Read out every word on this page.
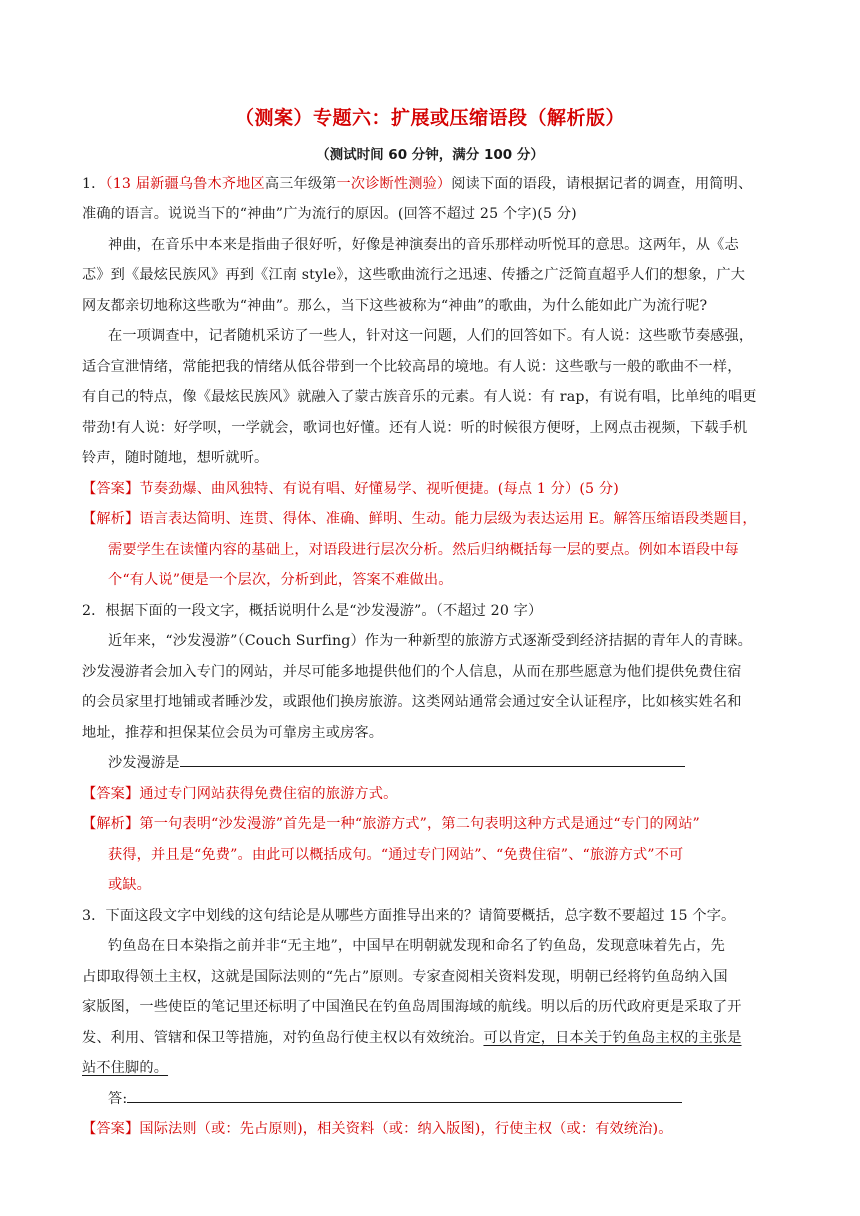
（测案）专题六：扩展或压缩语段（解析版）
（测试时间 60 分钟，满分 100 分）
1．（13 届新疆乌鲁木齐地区高三年级第一次诊断性测验）阅读下面的语段，请根据记者的调查，用简明、
准确的语言。说说当下的“神曲”广为流行的原因。(回答不超过 25 个字)(5 分)
神曲，在音乐中本来是指曲子很好听，好像是神演奏出的音乐那样动听悦耳的意思。这两年，从《忐
忑》到《最炫民族风》再到《江南 style》，这些歌曲流行之迅速、传播之广泛简直超乎人们的想象，广大
网友都亲切地称这些歌为“神曲”。那么，当下这些被称为“神曲”的歌曲，为什么能如此广为流行呢?
在一项调查中，记者随机采访了一些人，针对这一问题，人们的回答如下。有人说：这些歌节奏感强，
适合宣泄情绪，常能把我的情绪从低谷带到一个比较高昂的境地。有人说：这些歌与一般的歌曲不一样，
有自己的特点，像《最炫民族风》就融入了蒙古族音乐的元素。有人说：有 rap，有说有唱，比单纯的唱更
带劲!有人说：好学呗，一学就会，歌词也好懂。还有人说：听的时候很方便呀，上网点击视频，下载手机
铃声，随时随地，想听就听。
【答案】节奏劲爆、曲风独特、有说有唱、好懂易学、视听便捷。(每点 1 分）(5 分)
【解析】语言表达简明、连贯、得体、准确、鲜明、生动。能力层级为表达运用 E。解答压缩语段类题目，
需要学生在读懂内容的基础上，对语段进行层次分析。然后归纳概括每一层的要点。例如本语段中每
个“有人说”便是一个层次，分析到此，答案不难做出。
2．根据下面的一段文字，概括说明什么是“沙发漫游”。（不超过 20 字）
近年来，“沙发漫游”（Couch Surfing）作为一种新型的旅游方式逐渐受到经济拮据的青年人的青睐。
沙发漫游者会加入专门的网站，并尽可能多地提供他们的个人信息，从而在那些愿意为他们提供免费住宿
的会员家里打地铺或者睡沙发，或跟他们换房旅游。这类网站通常会通过安全认证程序，比如核实姓名和
地址，推荐和担保某位会员为可靠房主或房客。
沙发漫游是
【答案】通过专门网站获得免费住宿的旅游方式。
【解析】第一句表明“沙发漫游”首先是一种“旅游方式”，第二句表明这种方式是通过“专门的网站”
获得，并且是“免费”。由此可以概括成句。“通过专门网站”、“免费住宿”、“旅游方式”不可
或缺。
3．下面这段文字中划线的这句结论是从哪些方面推导出来的？请简要概括，总字数不要超过 15 个字。
钓鱼岛在日本染指之前并非“无主地”，中国早在明朝就发现和命名了钓鱼岛，发现意味着先占，先
占即取得领土主权，这就是国际法则的“先占”原则。专家查阅相关资料发现，明朝已经将钓鱼岛纳入国
家版图，一些使臣的笔记里还标明了中国渔民在钓鱼岛周围海域的航线。明以后的历代政府更是采取了开
发、利用、管辖和保卫等措施，对钓鱼岛行使主权以有效统治。可以肯定，日本关于钓鱼岛主权的主张是
站不住脚的。
答:
【答案】国际法则（或：先占原则)，相关资料（或：纳入版图)，行使主权（或：有效统治)。
